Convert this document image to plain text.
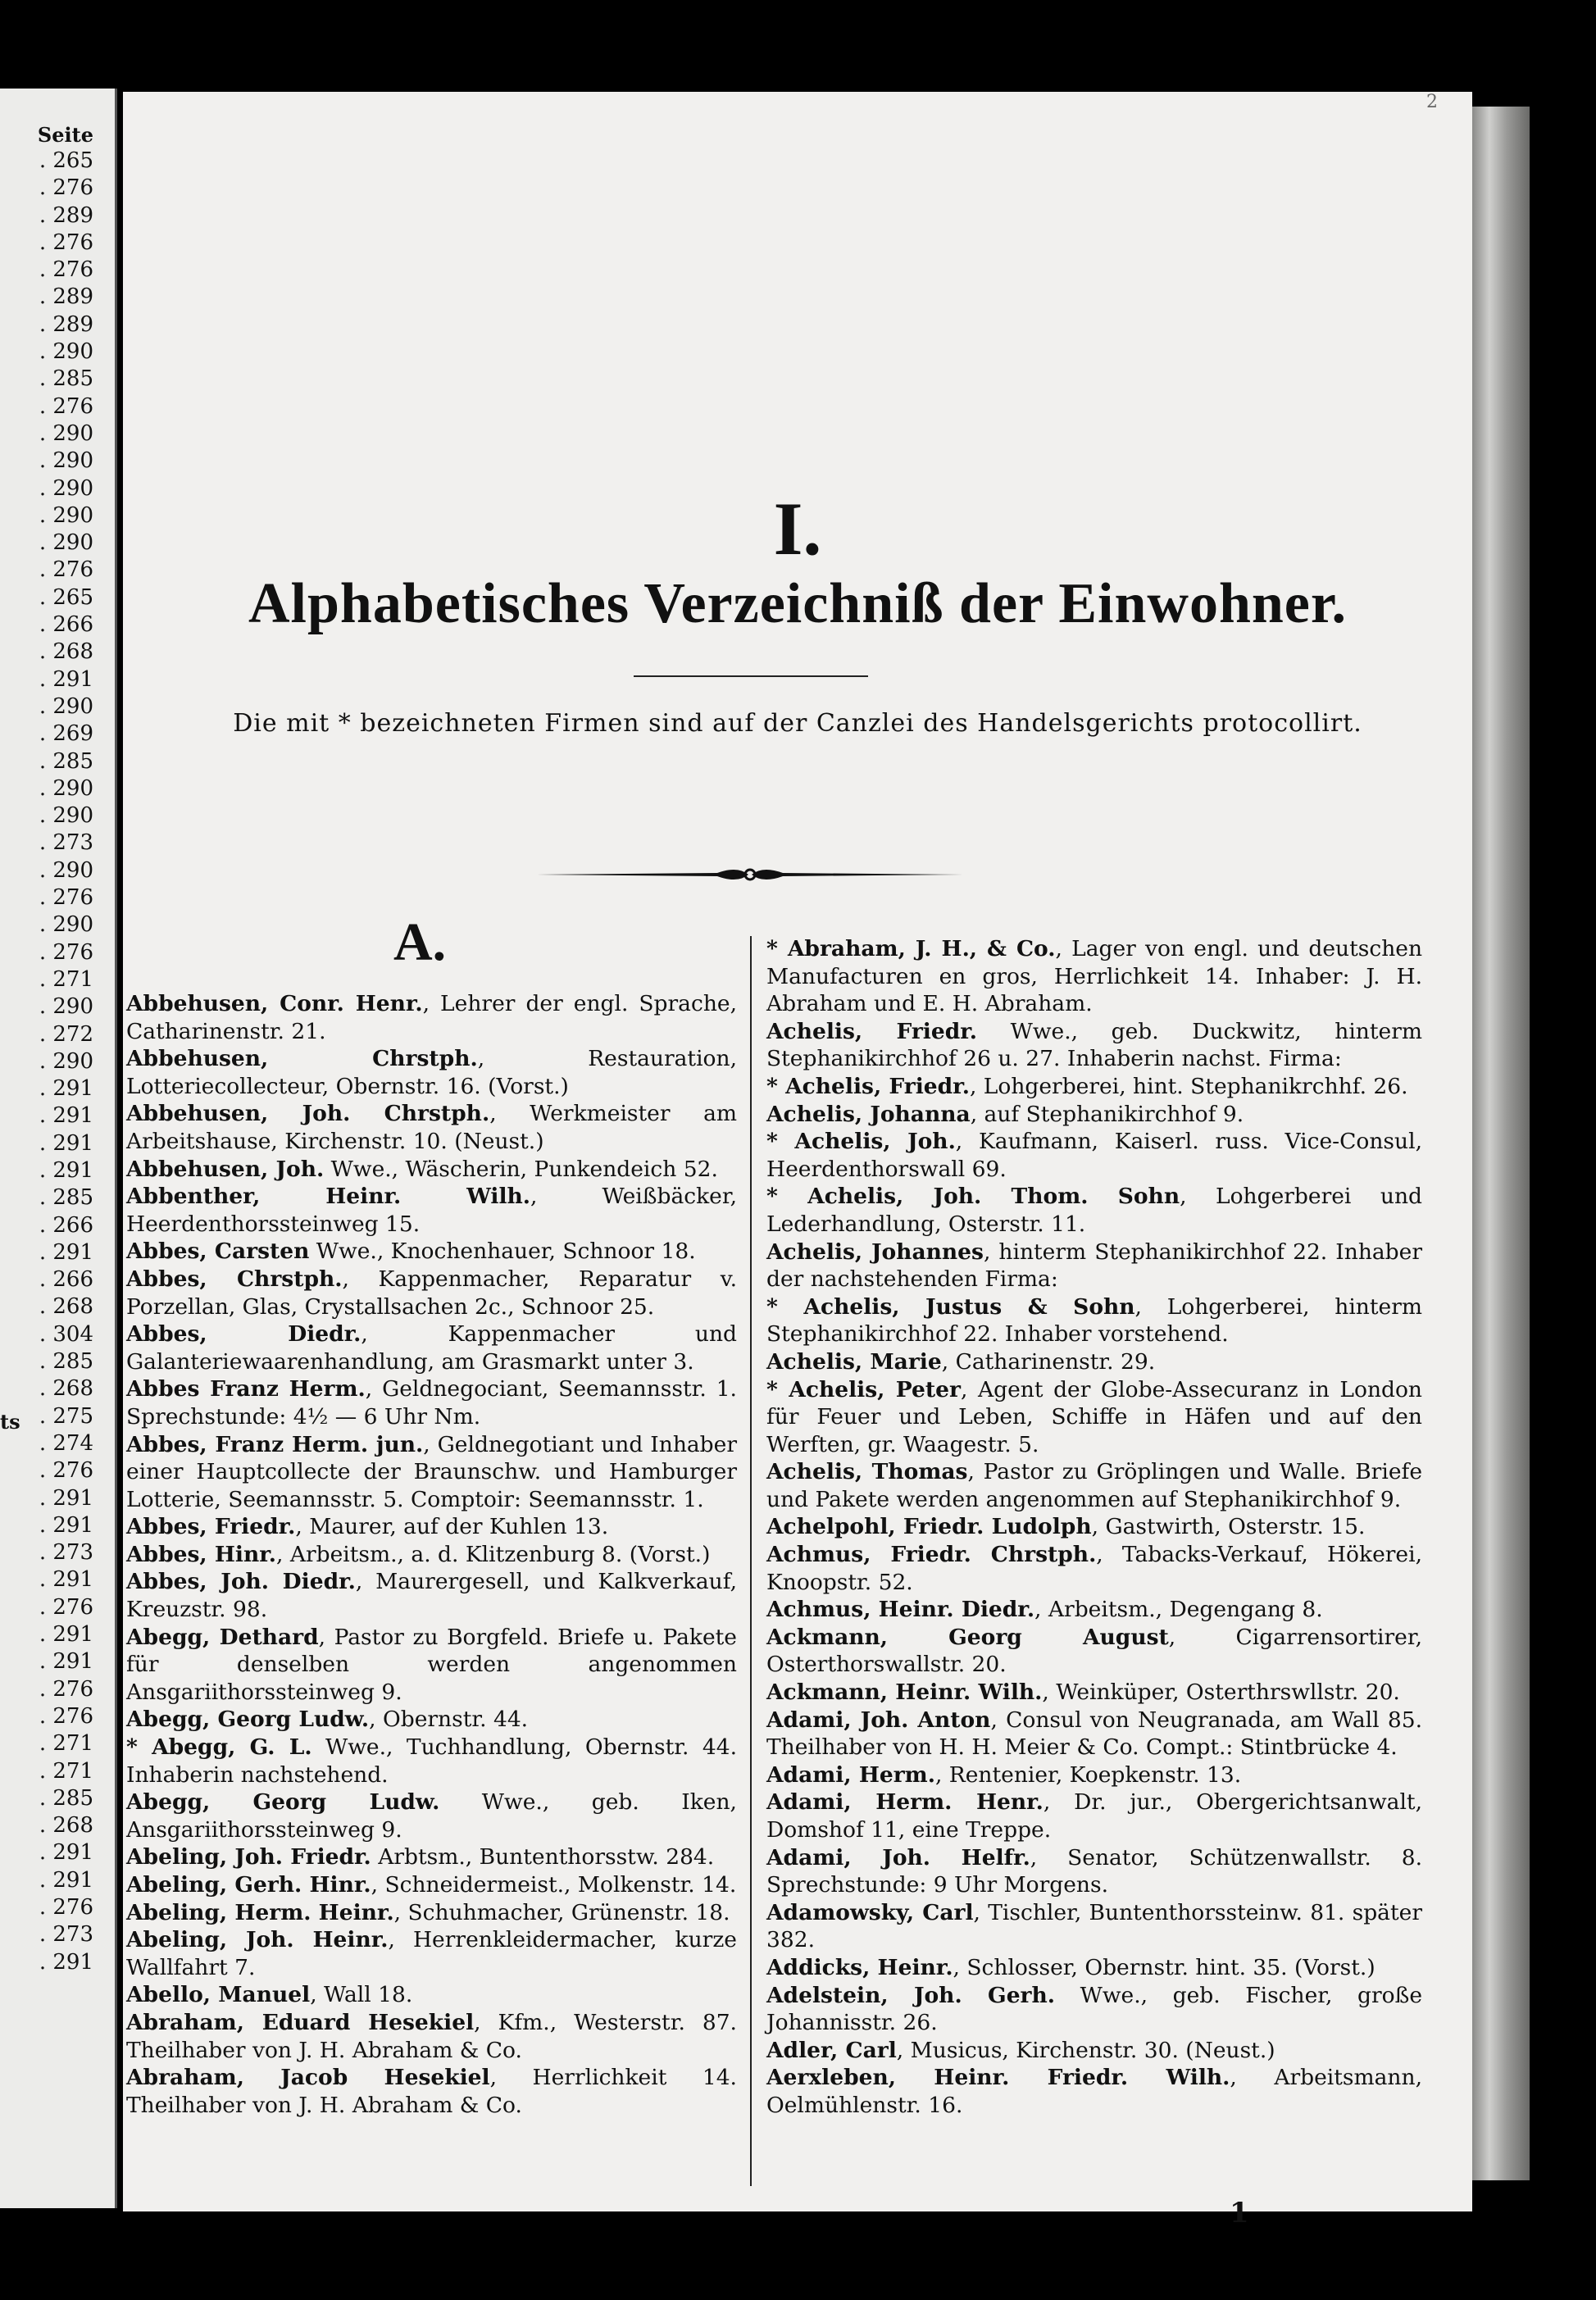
Seite
. 265
. 276
. 289
. 276
. 276
. 289
. 289
. 290
. 285
. 276
. 290
. 290
. 290
. 290
. 290
. 276
. 265
. 266
. 268
. 291
. 290
. 269
. 285
. 290
. 290
. 273
. 290
. 276
. 290
. 276
. 271
. 290
. 272
. 290
. 291
. 291
. 291
. 291
. 285
. 266
. 291
. 266
. 268
. 304
. 285
. 268
. 275
. 274
. 276
. 291
. 291
. 273
. 291
. 276
. 291
. 291
. 276
. 276
. 271
. 271
. 285
. 268
. 291
. 291
. 276
. 273
. 291
ts
2
I.
Alphabetisches Verzeichniß der Einwohner.
Die mit * bezeichneten Firmen sind auf der Canzlei des Handelsgerichts protocollirt.
A.
Abbehusen, Conr. Henr., Lehrer der engl. Sprache, Catharinenstr. 21.
Abbehusen, Chrstph., Restauration, Lotteriecollecteur, Obernstr. 16. (Vorst.)
Abbehusen, Joh. Chrstph., Werkmeister am Arbeitshause, Kirchenstr. 10. (Neust.)
Abbehusen, Joh. Wwe., Wäscherin, Punkendeich 52.
Abbenther, Heinr. Wilh., Weißbäcker, Heerdenthorssteinweg 15.
Abbes, Carsten Wwe., Knochenhauer, Schnoor 18.
Abbes, Chrstph., Kappenmacher, Reparatur v. Porzellan, Glas, Crystallsachen 2c., Schnoor 25.
Abbes, Diedr., Kappenmacher und Galanteriewaarenhandlung, am Grasmarkt unter 3.
Abbes Franz Herm., Geldnegociant, Seemannsstr. 1. Sprechstunde: 4½ — 6 Uhr Nm.
Abbes, Franz Herm. jun., Geldnegotiant und Inhaber einer Hauptcollecte der Braunschw. und Hamburger Lotterie, Seemannsstr. 5. Comptoir: Seemannsstr. 1.
Abbes, Friedr., Maurer, auf der Kuhlen 13.
Abbes, Hinr., Arbeitsm., a. d. Klitzenburg 8. (Vorst.)
Abbes, Joh. Diedr., Maurergesell, und Kalkverkauf, Kreuzstr. 98.
Abegg, Dethard, Pastor zu Borgfeld. Briefe u. Pakete für denselben werden angenommen Ansgariithorssteinweg 9.
Abegg, Georg Ludw., Obernstr. 44.
* Abegg, G. L. Wwe., Tuchhandlung, Obernstr. 44. Inhaberin nachstehend.
Abegg, Georg Ludw. Wwe., geb. Iken, Ansgariithorssteinweg 9.
Abeling, Joh. Friedr. Arbtsm., Buntenthorsstw. 284.
Abeling, Gerh. Hinr., Schneidermeist., Molkenstr. 14.
Abeling, Herm. Heinr., Schuhmacher, Grünenstr. 18.
Abeling, Joh. Heinr., Herrenkleidermacher, kurze Wallfahrt 7.
Abello, Manuel, Wall 18.
Abraham, Eduard Hesekiel, Kfm., Westerstr. 87. Theilhaber von J. H. Abraham & Co.
Abraham, Jacob Hesekiel, Herrlichkeit 14. Theilhaber von J. H. Abraham & Co.
* Abraham, J. H., & Co., Lager von engl. und deutschen Manufacturen en gros, Herrlichkeit 14. Inhaber: J. H. Abraham und E. H. Abraham.
Achelis, Friedr. Wwe., geb. Duckwitz, hinterm Stephanikirchhof 26 u. 27. Inhaberin nachst. Firma:
* Achelis, Friedr., Lohgerberei, hint. Stephanikrchhf. 26.
Achelis, Johanna, auf Stephanikirchhof 9.
* Achelis, Joh., Kaufmann, Kaiserl. russ. Vice-Consul, Heerdenthorswall 69.
* Achelis, Joh. Thom. Sohn, Lohgerberei und Lederhandlung, Osterstr. 11.
Achelis, Johannes, hinterm Stephanikirchhof 22. Inhaber der nachstehenden Firma:
* Achelis, Justus & Sohn, Lohgerberei, hinterm Stephanikirchhof 22. Inhaber vorstehend.
Achelis, Marie, Catharinenstr. 29.
* Achelis, Peter, Agent der Globe-Assecuranz in London für Feuer und Leben, Schiffe in Häfen und auf den Werften, gr. Waagestr. 5.
Achelis, Thomas, Pastor zu Gröplingen und Walle. Briefe und Pakete werden angenommen auf Stephanikirchhof 9.
Achelpohl, Friedr. Ludolph, Gastwirth, Osterstr. 15.
Achmus, Friedr. Chrstph., Tabacks-Verkauf, Hökerei, Knoopstr. 52.
Achmus, Heinr. Diedr., Arbeitsm., Degengang 8.
Ackmann, Georg August, Cigarrensortirer, Osterthorswallstr. 20.
Ackmann, Heinr. Wilh., Weinküper, Osterthrswllstr. 20.
Adami, Joh. Anton, Consul von Neugranada, am Wall 85. Theilhaber von H. H. Meier & Co. Compt.: Stintbrücke 4.
Adami, Herm., Rentenier, Koepkenstr. 13.
Adami, Herm. Henr., Dr. jur., Obergerichtsanwalt, Domshof 11, eine Treppe.
Adami, Joh. Helfr., Senator, Schützenwallstr. 8. Sprechstunde: 9 Uhr Morgens.
Adamowsky, Carl, Tischler, Buntenthorssteinw. 81. später 382.
Addicks, Heinr., Schlosser, Obernstr. hint. 35. (Vorst.)
Adelstein, Joh. Gerh. Wwe., geb. Fischer, große Johannisstr. 26.
Adler, Carl, Musicus, Kirchenstr. 30. (Neust.)
Aerxleben, Heinr. Friedr. Wilh., Arbeitsmann, Oelmühlenstr. 16.
1
